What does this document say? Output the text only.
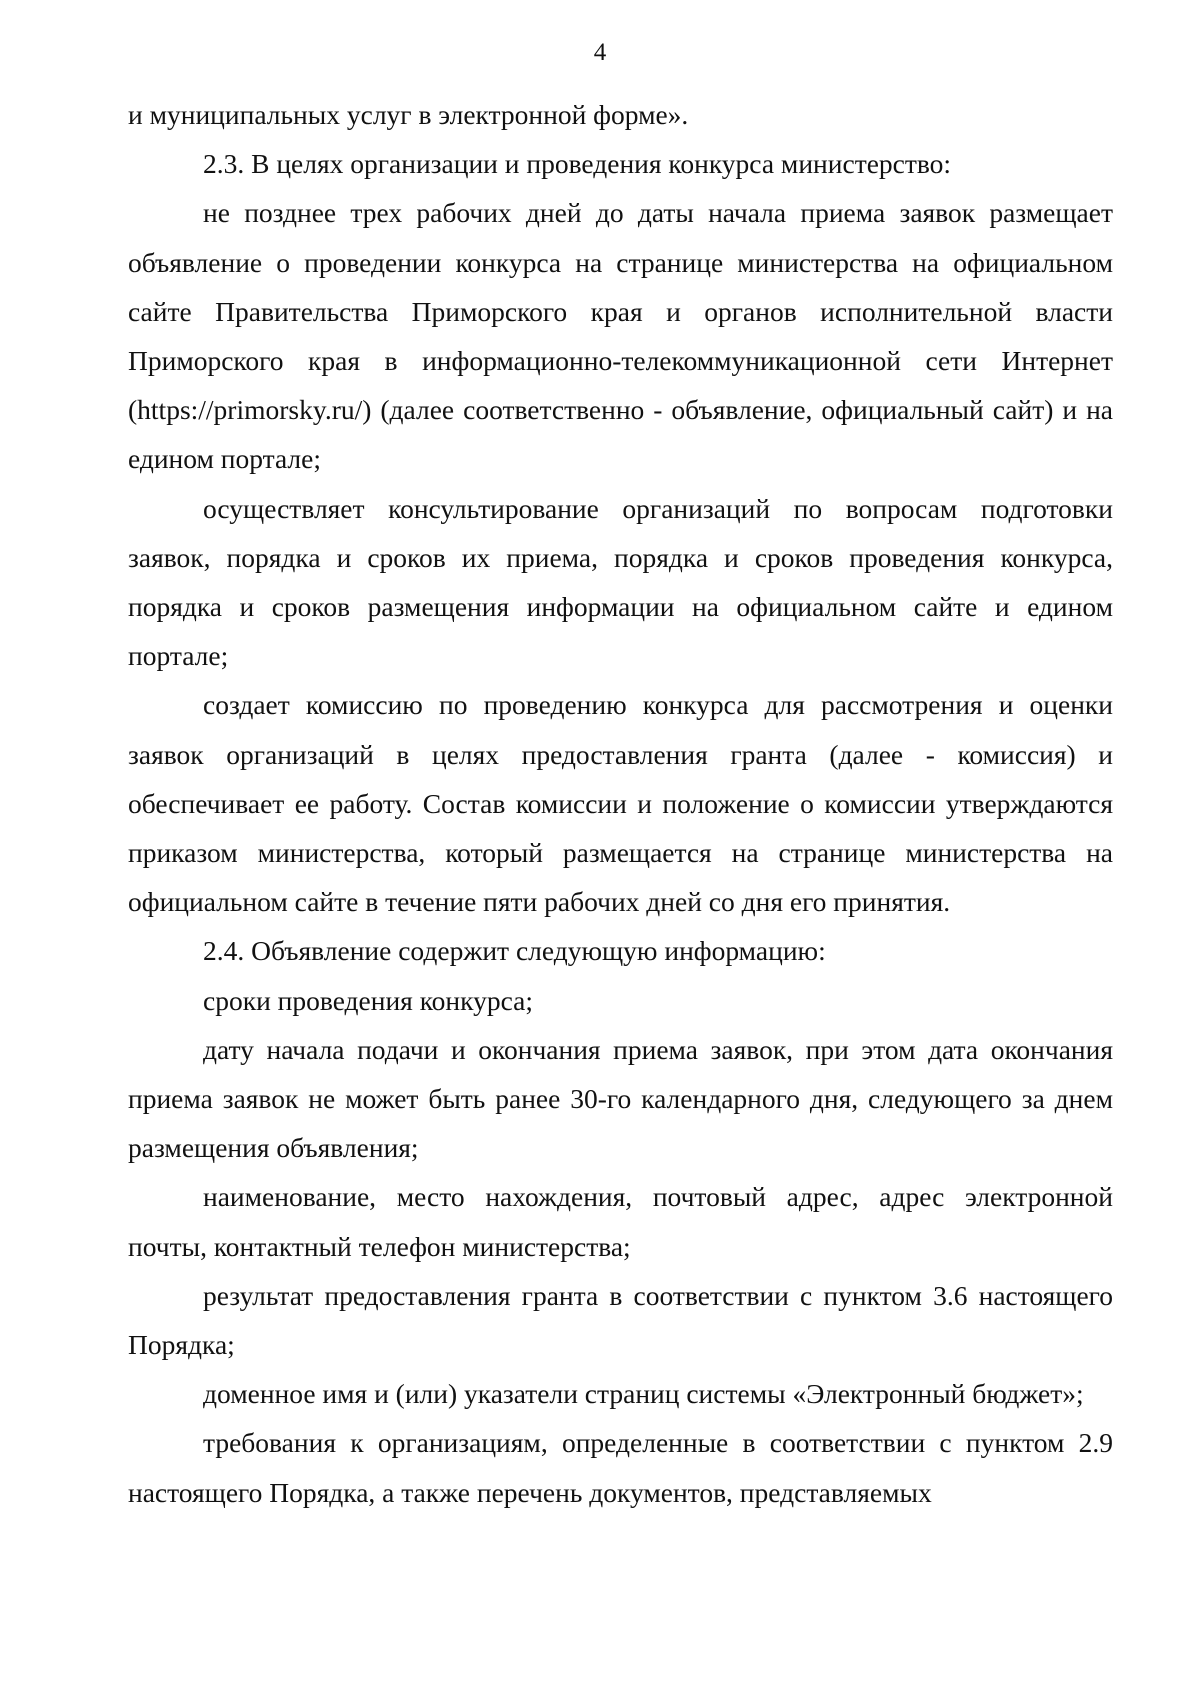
4

и муниципальных услуг в электронной форме».

2.3. В целях организации и проведения конкурса министерство:

не позднее трех рабочих дней до даты начала приема заявок размещает объявление о проведении конкурса на странице министерства на официальном сайте Правительства Приморского края и органов исполнительной власти Приморского края в информационно-телекоммуникационной сети Интернет (https://primorsky.ru/) (далее соответственно - объявление, официальный сайт) и на едином портале;

осуществляет консультирование организаций по вопросам подготовки заявок, порядка и сроков их приема, порядка и сроков проведения конкурса, порядка и сроков размещения информации на официальном сайте и едином портале;

создает комиссию по проведению конкурса для рассмотрения и оценки заявок организаций в целях предоставления гранта (далее - комиссия) и обеспечивает ее работу. Состав комиссии и положение о комиссии утверждаются приказом министерства, который размещается на странице министерства на официальном сайте в течение пяти рабочих дней со дня его принятия.

2.4. Объявление содержит следующую информацию:

сроки проведения конкурса;

дату начала подачи и окончания приема заявок, при этом дата окончания приема заявок не может быть ранее 30-го календарного дня, следующего за днем размещения объявления;

наименование, место нахождения, почтовый адрес, адрес электронной почты, контактный телефон министерства;

результат предоставления гранта в соответствии с пунктом 3.6 настоящего Порядка;

доменное имя и (или) указатели страниц системы «Электронный бюджет»;

требования к организациям, определенные в соответствии с пунктом 2.9 настоящего Порядка, а также перечень документов, представляемых
